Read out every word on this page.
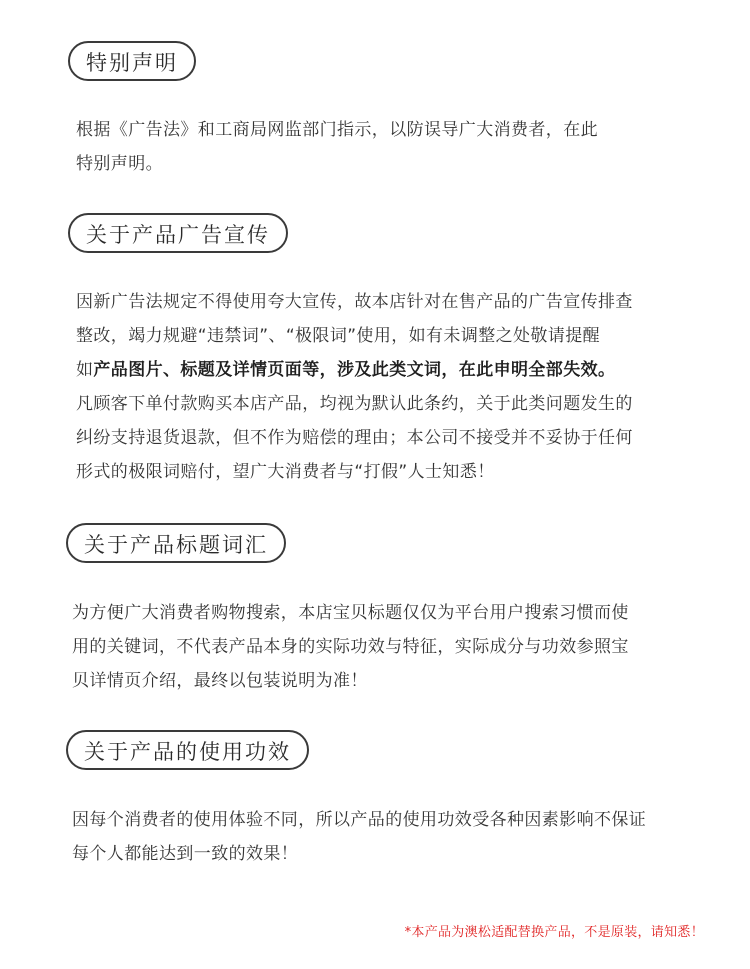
特别声明

根据《广告法》和工商局网监部门指示，以防误导广大消费者，在此

特别声明。

关于产品广告宣传

因新广告法规定不得使用夸大宣传，故本店针对在售产品的广告宣传排查

整改，竭力规避“违禁词”、“极限词”使用，如有未调整之处敬请提醒

如产品图片、标题及详情页面等，涉及此类文词，在此申明全部失效。

凡顾客下单付款购买本店产品，均视为默认此条约，关于此类问题发生的

纠纷支持退货退款，但不作为赔偿的理由；本公司不接受并不妥协于任何

形式的极限词赔付，望广大消费者与“打假”人士知悉！

关于产品标题词汇

为方便广大消费者购物搜索，本店宝贝标题仅仅为平台用户搜索习惯而使

用的关键词，不代表产品本身的实际功效与特征，实际成分与功效参照宝

贝详情页介绍，最终以包装说明为准！

关于产品的使用功效

因每个消费者的使用体验不同，所以产品的使用功效受各种因素影响不保证

每个人都能达到一致的效果！

*本产品为澳松适配替换产品，不是原装，请知悉！
